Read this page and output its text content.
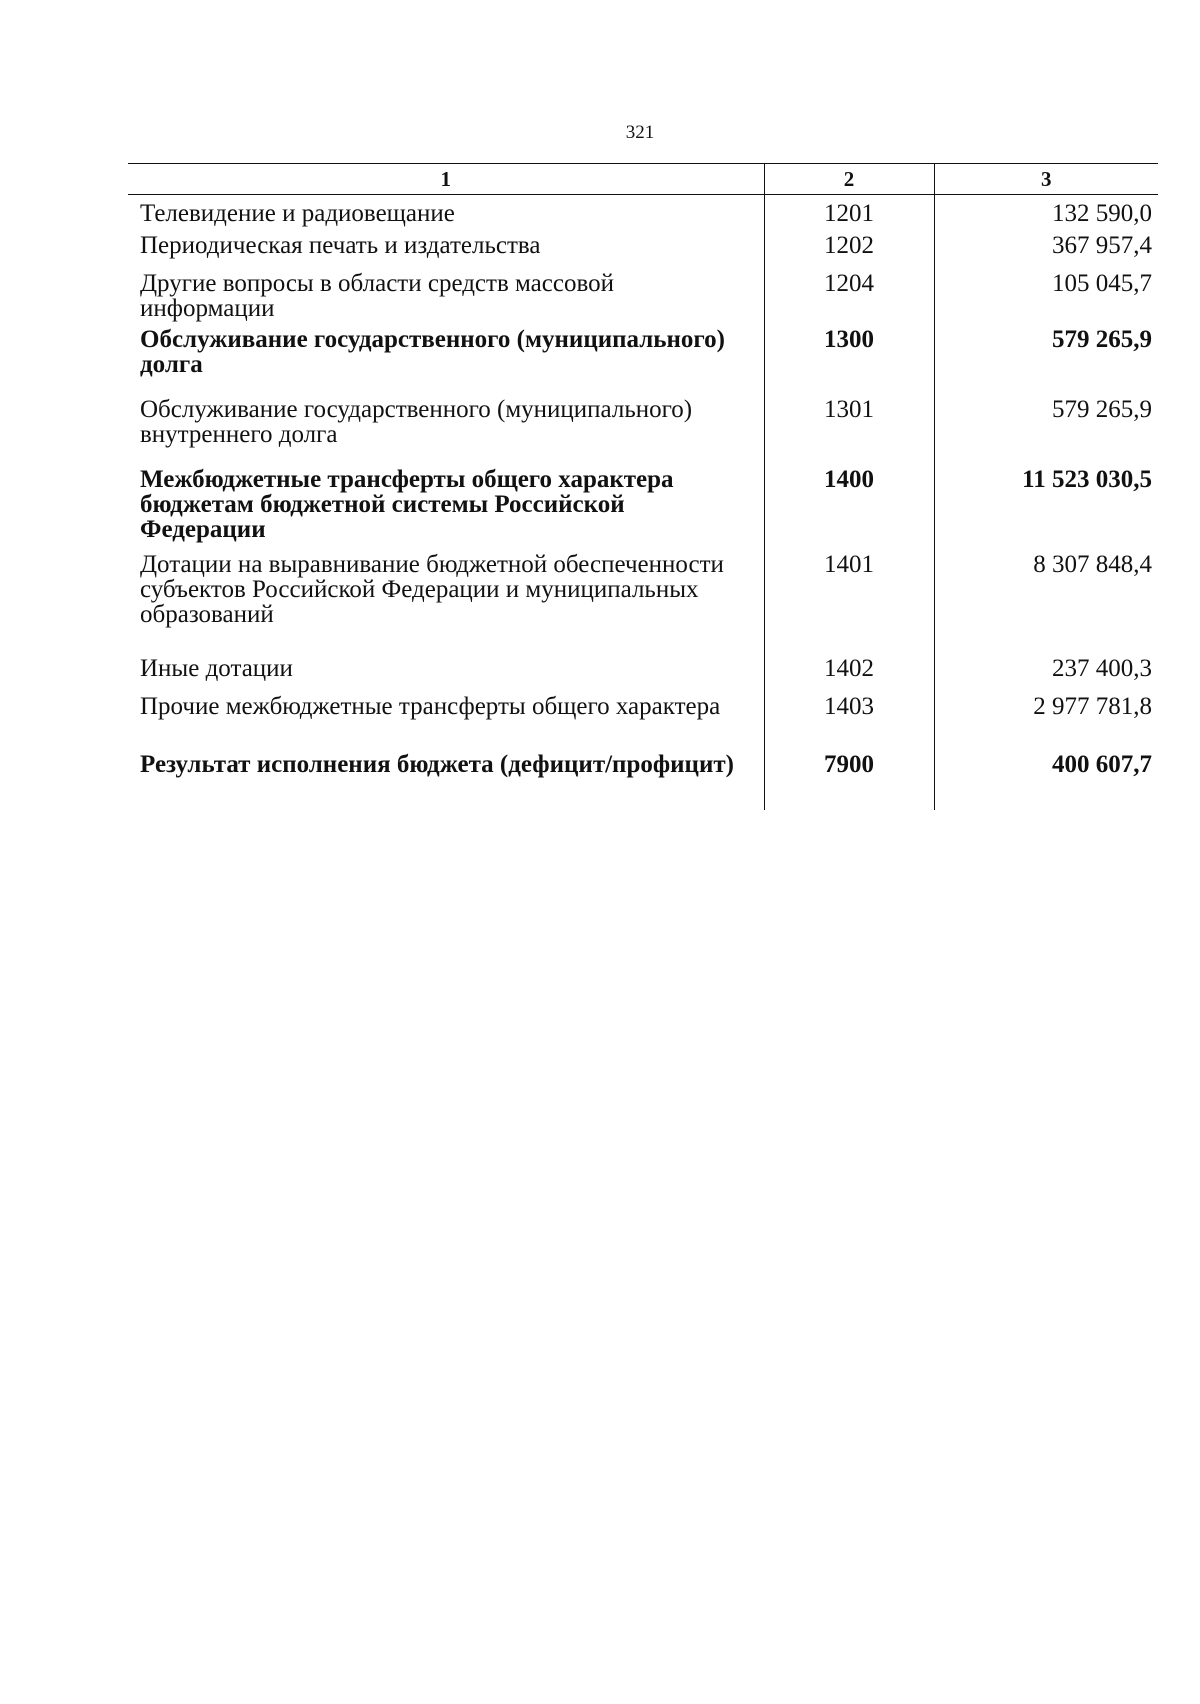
321
1	2	3
Телевидение и радиовещание	1201	132 590,0
Периодическая печать и издательства	1202	367 957,4
Другие вопросы в области средств массовой информации	1204	105 045,7
Обслуживание государственного (муниципального) долга	1300	579 265,9
Обслуживание государственного (муниципального) внутреннего долга	1301	579 265,9
Межбюджетные трансферты общего характера бюджетам бюджетной системы Российской Федерации	1400	11 523 030,5
Дотации на выравнивание бюджетной обеспеченности субъектов Российской Федерации и муниципальных образований	1401	8 307 848,4
Иные дотации	1402	237 400,3
Прочие межбюджетные трансферты общего характера	1403	2 977 781,8
Результат исполнения бюджета (дефицит/профицит)	7900	400 607,7
